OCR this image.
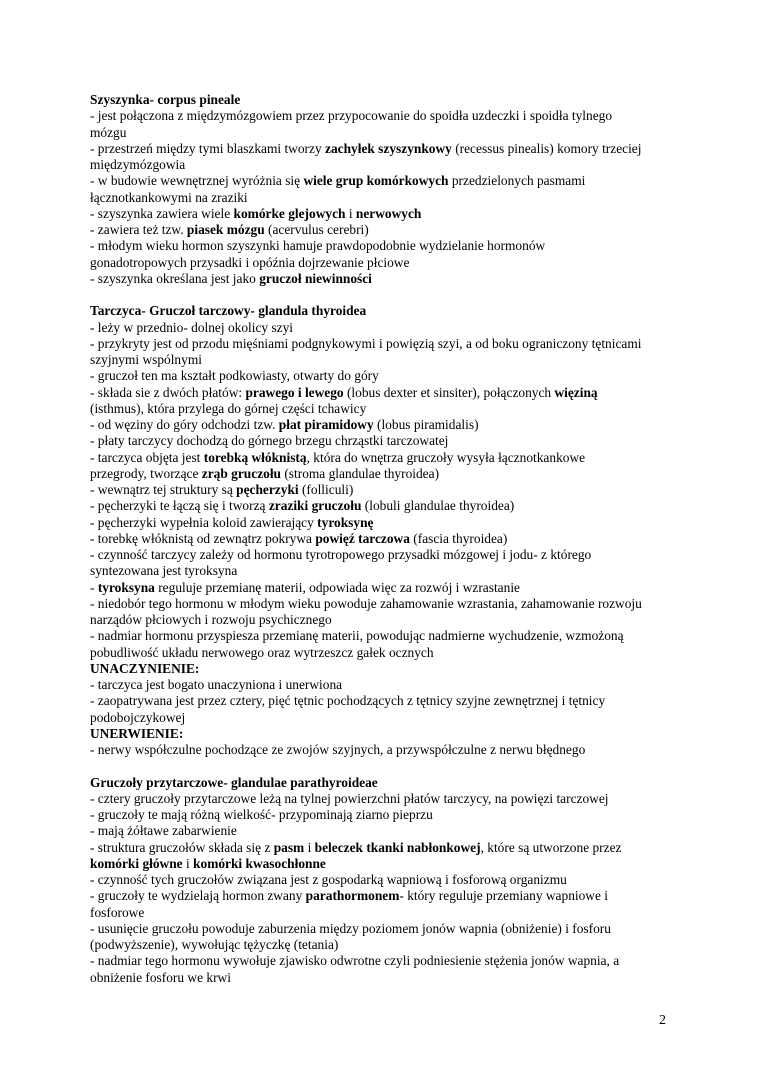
Szyszynka- corpus pineale
- jest połączona z międzymózgowiem przez przypocowanie do spoidła uzdeczki i spoidła tylnego
mózgu
- przestrzeń między tymi blaszkami tworzy zachyłek szyszynkowy (recessus pinealis) komory trzeciej
międzymózgowia
- w budowie wewnętrznej wyróżnia się wiele grup komórkowych przedzielonych pasmami
łącznotkankowymi na zraziki
- szyszynka zawiera wiele komórke glejowych i nerwowych
- zawiera też tzw. piasek mózgu (acervulus cerebri)
- młodym wieku hormon szyszynki hamuje prawdopodobnie wydzielanie hormonów
gonadotropowych przysadki i opóźnia dojrzewanie płciowe
- szyszynka określana jest jako gruczoł niewinności
Tarczyca- Gruczoł tarczowy- glandula thyroidea
- leży w przednio- dolnej okolicy szyi
- przykryty jest od przodu mięśniami podgnykowymi i powięzią szyi, a od boku ograniczony tętnicami
szyjnymi wspólnymi
- gruczoł ten ma kształt podkowiasty, otwarty do góry
- składa sie z dwóch płatów: prawego i lewego (lobus dexter et sinsiter), połączonych więziną
(isthmus), która przylega do górnej części tchawicy
- od węziny do góry odchodzi tzw. płat piramidowy (lobus piramidalis)
- płaty tarczycy dochodzą do górnego brzegu chrząstki tarczowatej
- tarczyca objęta jest torebką włóknistą, która do wnętrza gruczoły wysyła łącznotkankowe
przegrody, tworzące zrąb gruczołu (stroma glandulae thyroidea)
- wewnątrz tej struktury są pęcherzyki (folliculi)
- pęcherzyki te łączą się i tworzą zraziki gruczołu (lobuli glandulae thyroidea)
- pęcherzyki wypełnia koloid zawierający tyroksynę
- torebkę włóknistą od zewnątrz pokrywa powięź tarczowa (fascia thyroidea)
- czynność tarczycy zależy od hormonu tyrotropowego przysadki mózgowej i jodu- z którego
syntezowana jest tyroksyna
- tyroksyna reguluje przemianę materii, odpowiada więc za rozwój i wzrastanie
- niedobór tego hormonu w młodym wieku powoduje zahamowanie wzrastania, zahamowanie rozwoju
narządów płciowych i rozwoju psychicznego
- nadmiar hormonu przyspiesza przemianę materii, powodując nadmierne wychudzenie, wzmożoną
pobudliwość układu nerwowego oraz wytrzeszcz gałek ocznych
UNACZYNIENIE:
- tarczyca jest bogato unaczyniona i unerwiona
- zaopatrywana jest przez cztery, pięć tętnic pochodzących z tętnicy szyjne zewnętrznej i tętnicy
podobojczykowej
UNERWIENIE:
- nerwy współczulne pochodzące ze zwojów szyjnych, a przywspółczulne z nerwu błędnego
Gruczoły przytarczowe- glandulae parathyroideae
- cztery gruczoły przytarczowe leżą na tylnej powierzchni płatów tarczycy, na powięzi tarczowej
- gruczoły te mają różną wielkość- przypominają ziarno pieprzu
- mają żółtawe zabarwienie
- struktura gruczołów składa się z pasm i beleczek tkanki nabłonkowej, które są utworzone przez
komórki główne i komórki kwasochłonne
- czynność tych gruczołów związana jest z gospodarką wapniową i fosforową organizmu
- gruczoły te wydzielają hormon zwany parathormonem- który reguluje przemiany wapniowe i
fosforowe
- usunięcie gruczołu powoduje zaburzenia między poziomem jonów wapnia (obniżenie) i fosforu
(podwyższenie), wywołując tężyczkę (tetania)
- nadmiar tego hormonu wywołuje zjawisko odwrotne czyli podniesienie stężenia jonów wapnia, a
obniżenie fosforu we krwi
2
